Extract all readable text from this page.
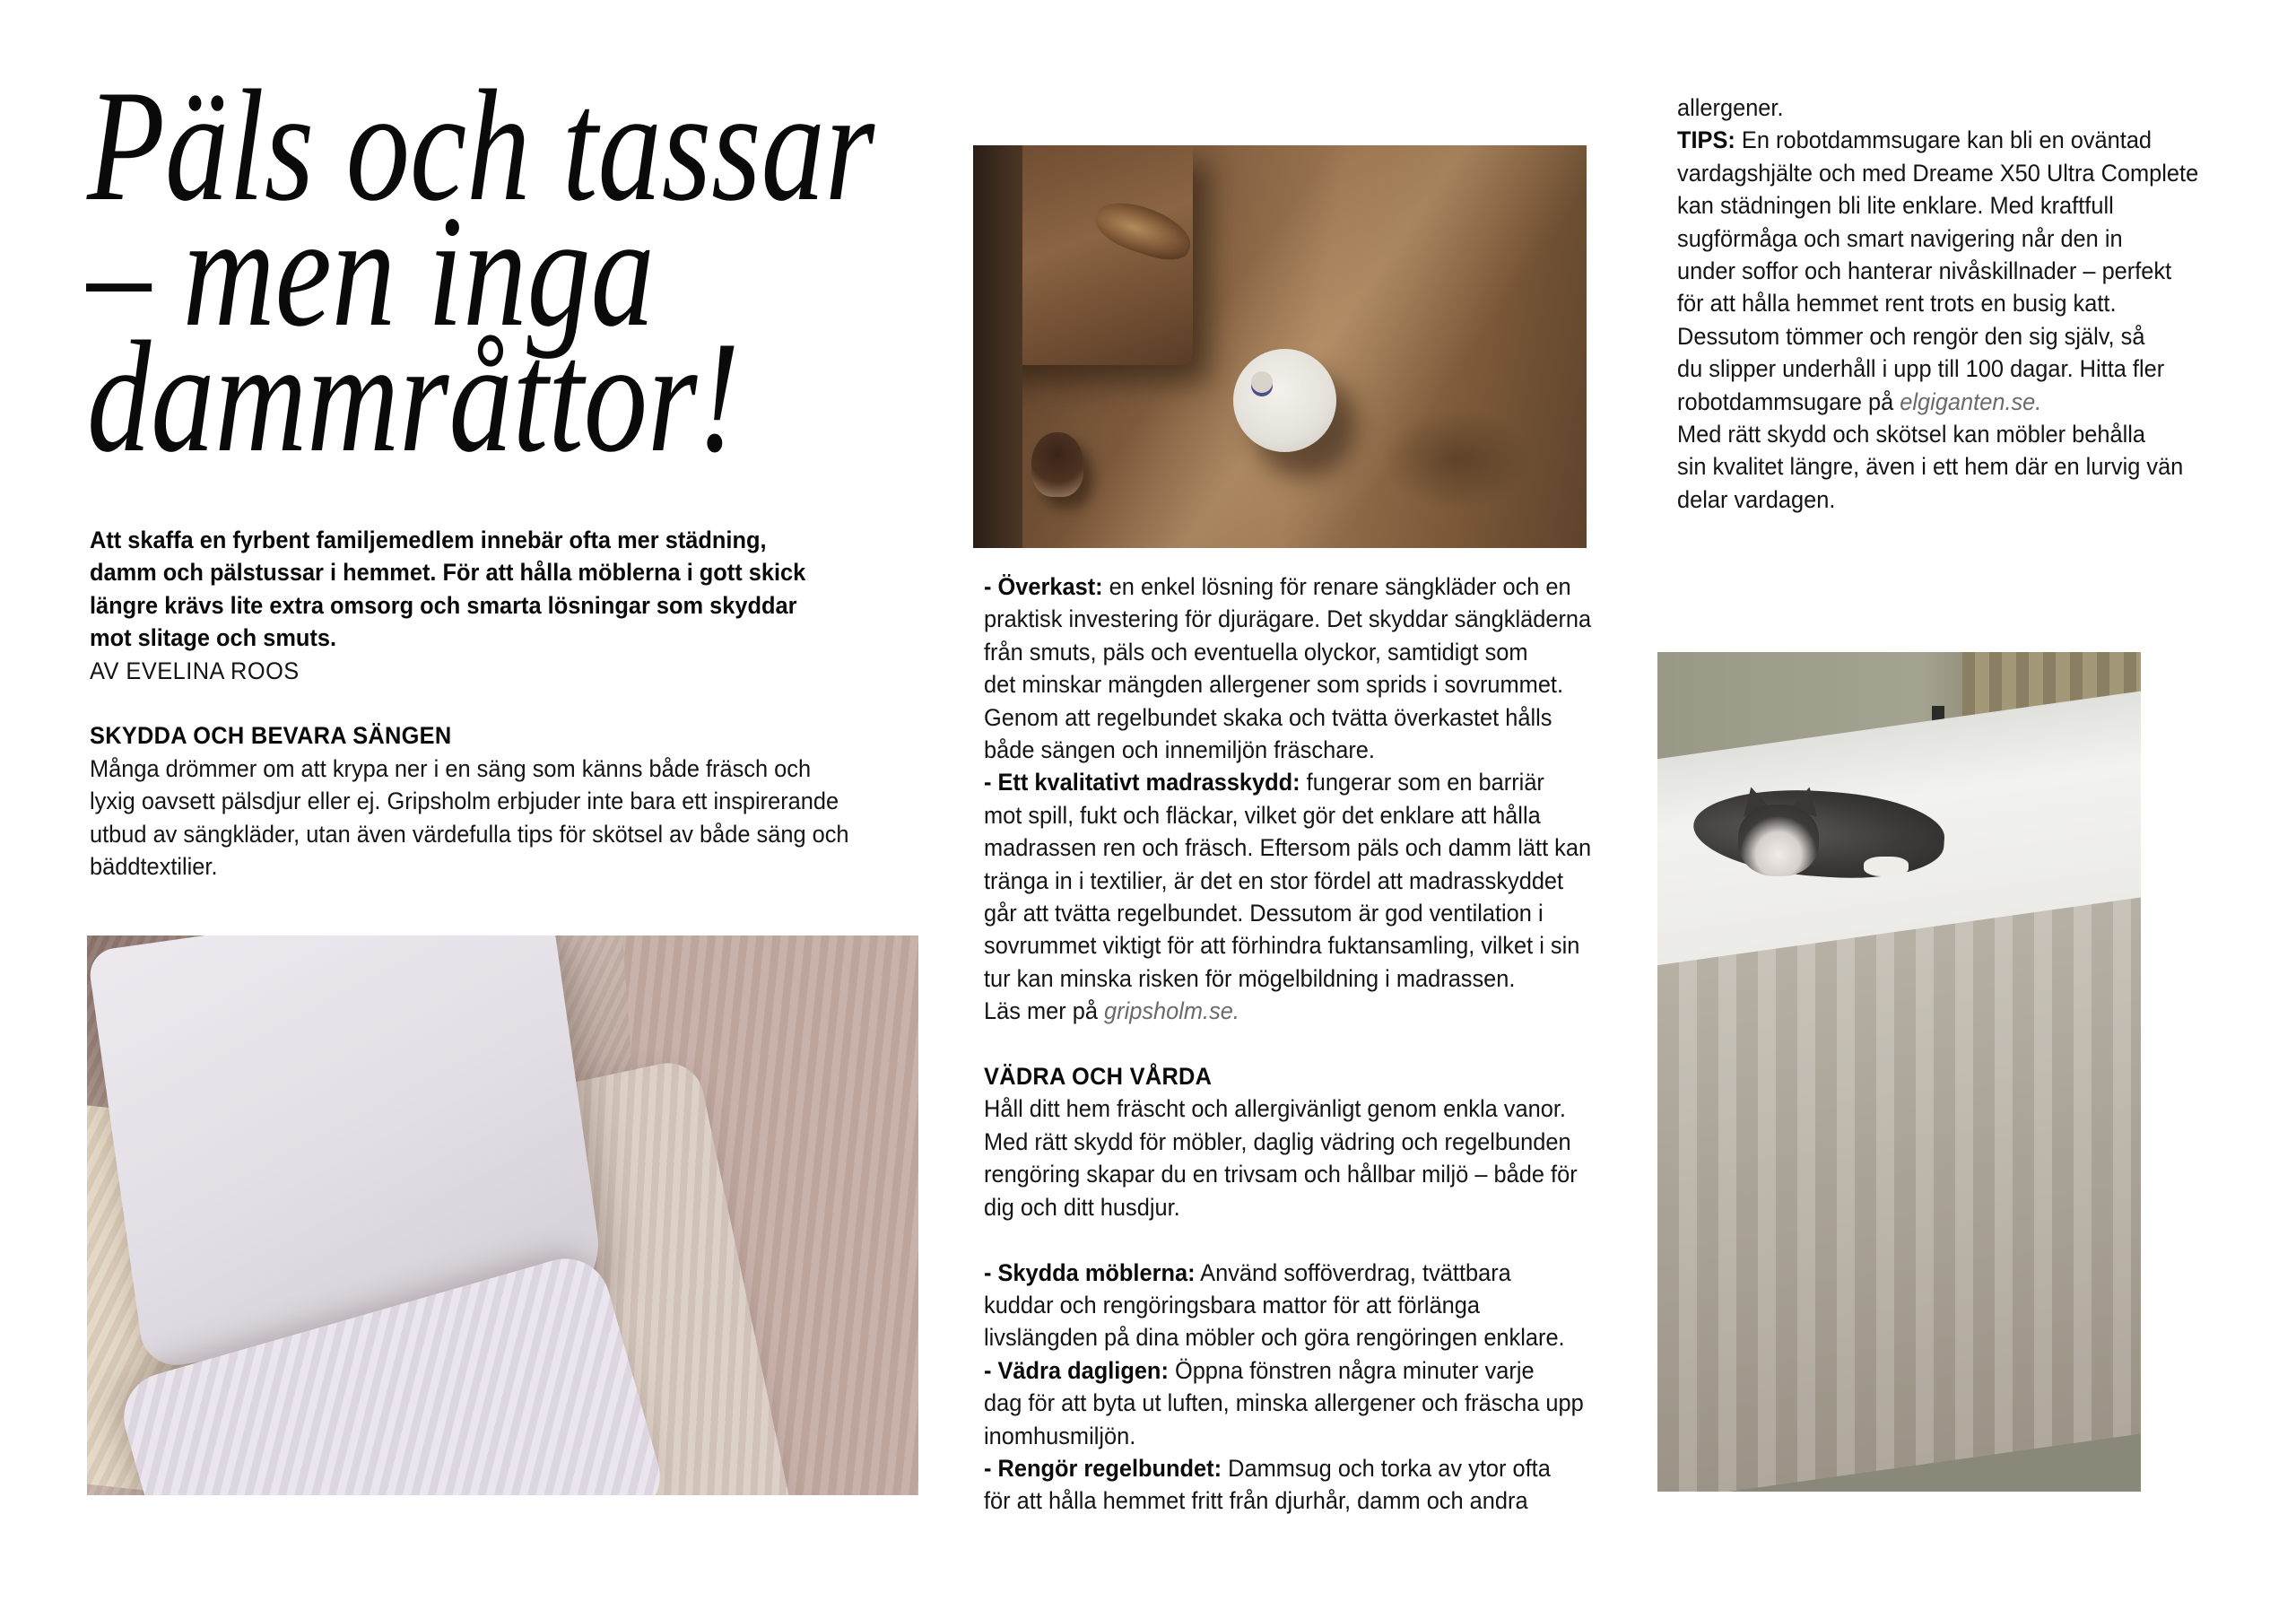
Päls och tassar
– men inga
dammråttor!
Att skaffa en fyrbent familjemedlem innebär ofta mer städning,
damm och pälstussar i hemmet. För att hålla möblerna i gott skick
längre krävs lite extra omsorg och smarta lösningar som skyddar
mot slitage och smuts.
AV EVELINA ROOS
SKYDDA OCH BEVARA SÄNGEN
Många drömmer om att krypa ner i en säng som känns både fräsch och
lyxig oavsett pälsdjur eller ej. Gripsholm erbjuder inte bara ett inspirerande
utbud av sängkläder, utan även värdefulla tips för skötsel av både säng och
bäddtextilier.
- Överkast: en enkel lösning för renare sängkläder och en
praktisk investering för djurägare. Det skyddar sängkläderna
från smuts, päls och eventuella olyckor, samtidigt som
det minskar mängden allergener som sprids i sovrummet.
Genom att regelbundet skaka och tvätta överkastet hålls
både sängen och innemiljön fräschare.
- Ett kvalitativt madrasskydd: fungerar som en barriär
mot spill, fukt och fläckar, vilket gör det enklare att hålla
madrassen ren och fräsch. Eftersom päls och damm lätt kan
tränga in i textilier, är det en stor fördel att madrasskyddet
går att tvätta regelbundet. Dessutom är god ventilation i
sovrummet viktigt för att förhindra fuktansamling, vilket i sin
tur kan minska risken för mögelbildning i madrassen.
Läs mer på gripsholm.se.
VÄDRA OCH VÅRDA
Håll ditt hem fräscht och allergivänligt genom enkla vanor.
Med rätt skydd för möbler, daglig vädring och regelbunden
rengöring skapar du en trivsam och hållbar miljö – både för
dig och ditt husdjur.
- Skydda möblerna: Använd sofföverdrag, tvättbara
kuddar och rengöringsbara mattor för att förlänga
livslängden på dina möbler och göra rengöringen enklare.
- Vädra dagligen: Öppna fönstren några minuter varje
dag för att byta ut luften, minska allergener och fräscha upp
inomhusmiljön.
- Rengör regelbundet: Dammsug och torka av ytor ofta
för att hålla hemmet fritt från djurhår, damm och andra
allergener.
TIPS: En robotdammsugare kan bli en oväntad
vardagshjälte och med Dreame X50 Ultra Complete
kan städningen bli lite enklare. Med kraftfull
sugförmåga och smart navigering når den in
under soffor och hanterar nivåskillnader – perfekt
för att hålla hemmet rent trots en busig katt.
Dessutom tömmer och rengör den sig själv, så
du slipper underhåll i upp till 100 dagar. Hitta fler
robotdammsugare på elgiganten.se.
Med rätt skydd och skötsel kan möbler behålla
sin kvalitet längre, även i ett hem där en lurvig vän
delar vardagen.
